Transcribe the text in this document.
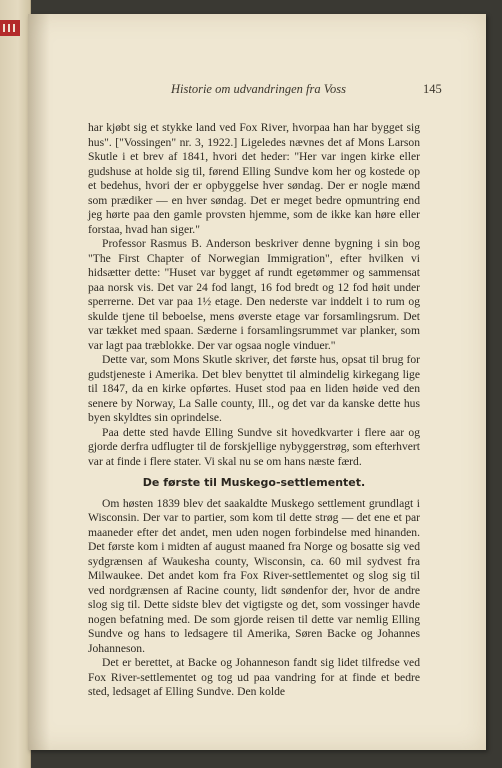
Historie om udvandringen fra Voss	145

har kjøbt sig et stykke land ved Fox River, hvorpaa han har bygget sig hus". ["Vossingen" nr. 3, 1922.] Ligeledes nævnes det af Mons Larson Skutle i et brev af 1841, hvori det heder: "Her var ingen kirke eller gudshuse at holde sig til, førend Elling Sundve kom her og kostede op et bedehus, hvori der er opbyggelse hver søndag. Der er nogle mænd som prædiker — en hver søndag. Det er meget bedre opmuntring end jeg hørte paa den gamle provsten hjemme, som de ikke kan høre eller forstaa, hvad han siger."

Professor Rasmus B. Anderson beskriver denne bygning i sin bog "The First Chapter of Norwegian Immigration", efter hvilken vi hidsætter dette: "Huset var bygget af rundt egetømmer og sammensat paa norsk vis. Det var 24 fod langt, 16 fod bredt og 12 fod høit under sperrerne. Det var paa 1½ etage. Den nederste var inddelt i to rum og skulde tjene til beboelse, mens øverste etage var forsamlingsrum. Det var tækket med spaan. Sæderne i forsamlingsrummet var planker, som var lagt paa træblokke. Der var ogsaa nogle vinduer."

Dette var, som Mons Skutle skriver, det første hus, opsat til brug for gudstjeneste i Amerika. Det blev benyttet til almindelig kirkegang lige til 1847, da en kirke opførtes. Huset stod paa en liden høide ved den senere by Norway, La Salle county, Ill., og det var da kanske dette hus byen skyldtes sin oprindelse.

Paa dette sted havde Elling Sundve sit hovedkvarter i flere aar og gjorde derfra udflugter til de forskjellige nybyggerstrøg, som efterhvert var at finde i flere stater. Vi skal nu se om hans næste færd.

De første til Muskego-settlementet.

Om høsten 1839 blev det saakaldte Muskego settlement grundlagt i Wisconsin. Der var to partier, som kom til dette strøg — det ene et par maaneder efter det andet, men uden nogen forbindelse med hinanden. Det første kom i midten af august maaned fra Norge og bosatte sig ved sydgrænsen af Waukesha county, Wisconsin, ca. 60 mil sydvest fra Milwaukee. Det andet kom fra Fox River-settlementet og slog sig til ved nordgrænsen af Racine county, lidt søndenfor der, hvor de andre slog sig til. Dette sidste blev det vigtigste og det, som vossinger havde nogen befatning med. De som gjorde reisen til dette var nemlig Elling Sundve og hans to ledsagere til Amerika, Søren Backe og Johannes Johanneson.

Det er berettet, at Backe og Johanneson fandt sig lidet tilfredse ved Fox River-settlementet og tog ud paa vandring for at finde et bedre sted, ledsaget af Elling Sundve. Den kolde
